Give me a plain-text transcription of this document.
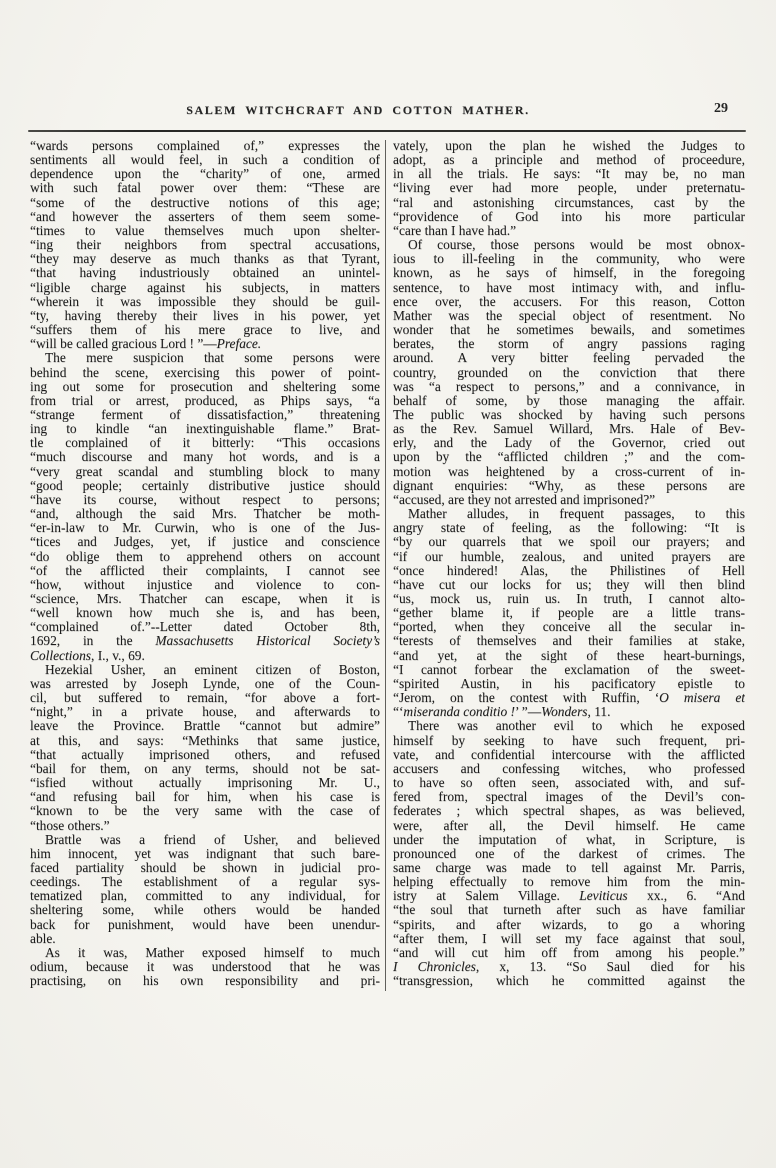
SALEM WITCHCRAFT AND COTTON MATHER.	29
“wards persons complained of,” expresses the
sentiments all would feel, in such a condition of
dependence upon the “charity” of one, armed
with such fatal power over them: “These are
“some of the destructive notions of this age;
“and however the asserters of them seem some-
“times to value themselves much upon shelter-
“ing their neighbors from spectral accusations,
“they may deserve as much thanks as that Tyrant,
“that having industriously obtained an unintel-
“ligible charge against his subjects, in matters
“wherein it was impossible they should be guil-
“ty, having thereby their lives in his power, yet
“suffers them of his mere grace to live, and
“will be called gracious Lord ! ”—Preface.
The mere suspicion that some persons were
behind the scene, exercising this power of point-
ing out some for prosecution and sheltering some
from trial or arrest, produced, as Phips says, “a
“strange ferment of dissatisfaction,” threatening
ing to kindle “an inextinguishable flame.” Brat-
tle complained of it bitterly: “This occasions
“much discourse and many hot words, and is a
“very great scandal and stumbling block to many
“good people; certainly distributive justice should
“have its course, without respect to persons;
“and, although the said Mrs. Thatcher be moth-
“er-in-law to Mr. Curwin, who is one of the Jus-
“tices and Judges, yet, if justice and conscience
“do oblige them to apprehend others on account
“of the afflicted their complaints, I cannot see
“how, without injustice and violence to con-
“science, Mrs. Thatcher can escape, when it is
“well known how much she is, and has been,
“complained of.”--Letter dated October 8th,
1692, in the Massachusetts Historical Society’s
Collections, I., v., 69.
Hezekial Usher, an eminent citizen of Boston,
was arrested by Joseph Lynde, one of the Coun-
cil, but suffered to remain, “for above a fort-
“night,” in a private house, and afterwards to
leave the Province. Brattle “cannot but admire”
at this, and says: “Methinks that same justice,
“that actually imprisoned others, and refused
“bail for them, on any terms, should not be sat-
“isfied without actually imprisoning Mr. U.,
“and refusing bail for him, when his case is
“known to be the very same with the case of
“those others.”
Brattle was a friend of Usher, and believed
him innocent, yet was indignant that such bare-
faced partiality should be shown in judicial pro-
ceedings. The establishment of a regular sys-
tematized plan, committed to any individual, for
sheltering some, while others would be handed
back for punishment, would have been unendur-
able.
As it was, Mather exposed himself to much
odium, because it was understood that he was
practising, on his own responsibility and pri-
vately, upon the plan he wished the Judges to
adopt, as a principle and method of proceedure,
in all the trials. He says: “It may be, no man
“living ever had more people, under preternatu-
“ral and astonishing circumstances, cast by the
“providence of God into his more particular
“care than I have had.”
Of course, those persons would be most obnox-
ious to ill-feeling in the community, who were
known, as he says of himself, in the foregoing
sentence, to have most intimacy with, and influ-
ence over, the accusers. For this reason, Cotton
Mather was the special object of resentment. No
wonder that he sometimes bewails, and sometimes
berates, the storm of angry passions raging
around. A very bitter feeling pervaded the
country, grounded on the conviction that there
was “a respect to persons,” and a connivance, in
behalf of some, by those managing the affair.
The public was shocked by having such persons
as the Rev. Samuel Willard, Mrs. Hale of Bev-
erly, and the Lady of the Governor, cried out
upon by the “afflicted children ;” and the com-
motion was heightened by a cross-current of in-
dignant enquiries: “Why, as these persons are
“accused, are they not arrested and imprisoned?”
Mather alludes, in frequent passages, to this
angry state of feeling, as the following: “It is
“by our quarrels that we spoil our prayers; and
“if our humble, zealous, and united prayers are
“once hindered! Alas, the Philistines of Hell
“have cut our locks for us; they will then blind
“us, mock us, ruin us. In truth, I cannot alto-
“gether blame it, if people are a little trans-
“ported, when they conceive all the secular in-
“terests of themselves and their families at stake,
“and yet, at the sight of these heart-burnings,
“I cannot forbear the exclamation of the sweet-
“spirited Austin, in his pacificatory epistle to
“Jerom, on the contest with Ruffin, ‘O misera et
“‘miseranda conditio !’ ”—Wonders, 11.
There was another evil to which he exposed
himself by seeking to have such frequent, pri-
vate, and confidential intercourse with the afflicted
accusers and confessing witches, who professed
to have so often seen, associated with, and suf-
fered from, spectral images of the Devil’s con-
federates ; which spectral shapes, as was believed,
were, after all, the Devil himself. He came
under the imputation of what, in Scripture, is
pronounced one of the darkest of crimes. The
same charge was made to tell against Mr. Parris,
helping effectually to remove him from the min-
istry at Salem Village. Leviticus xx., 6. “And
“the soul that turneth after such as have familiar
“spirits, and after wizards, to go a whoring
“after them, I will set my face against that soul,
“and will cut him off from among his people.”
I Chronicles, x, 13. “So Saul died for his
“transgression, which he committed against the
